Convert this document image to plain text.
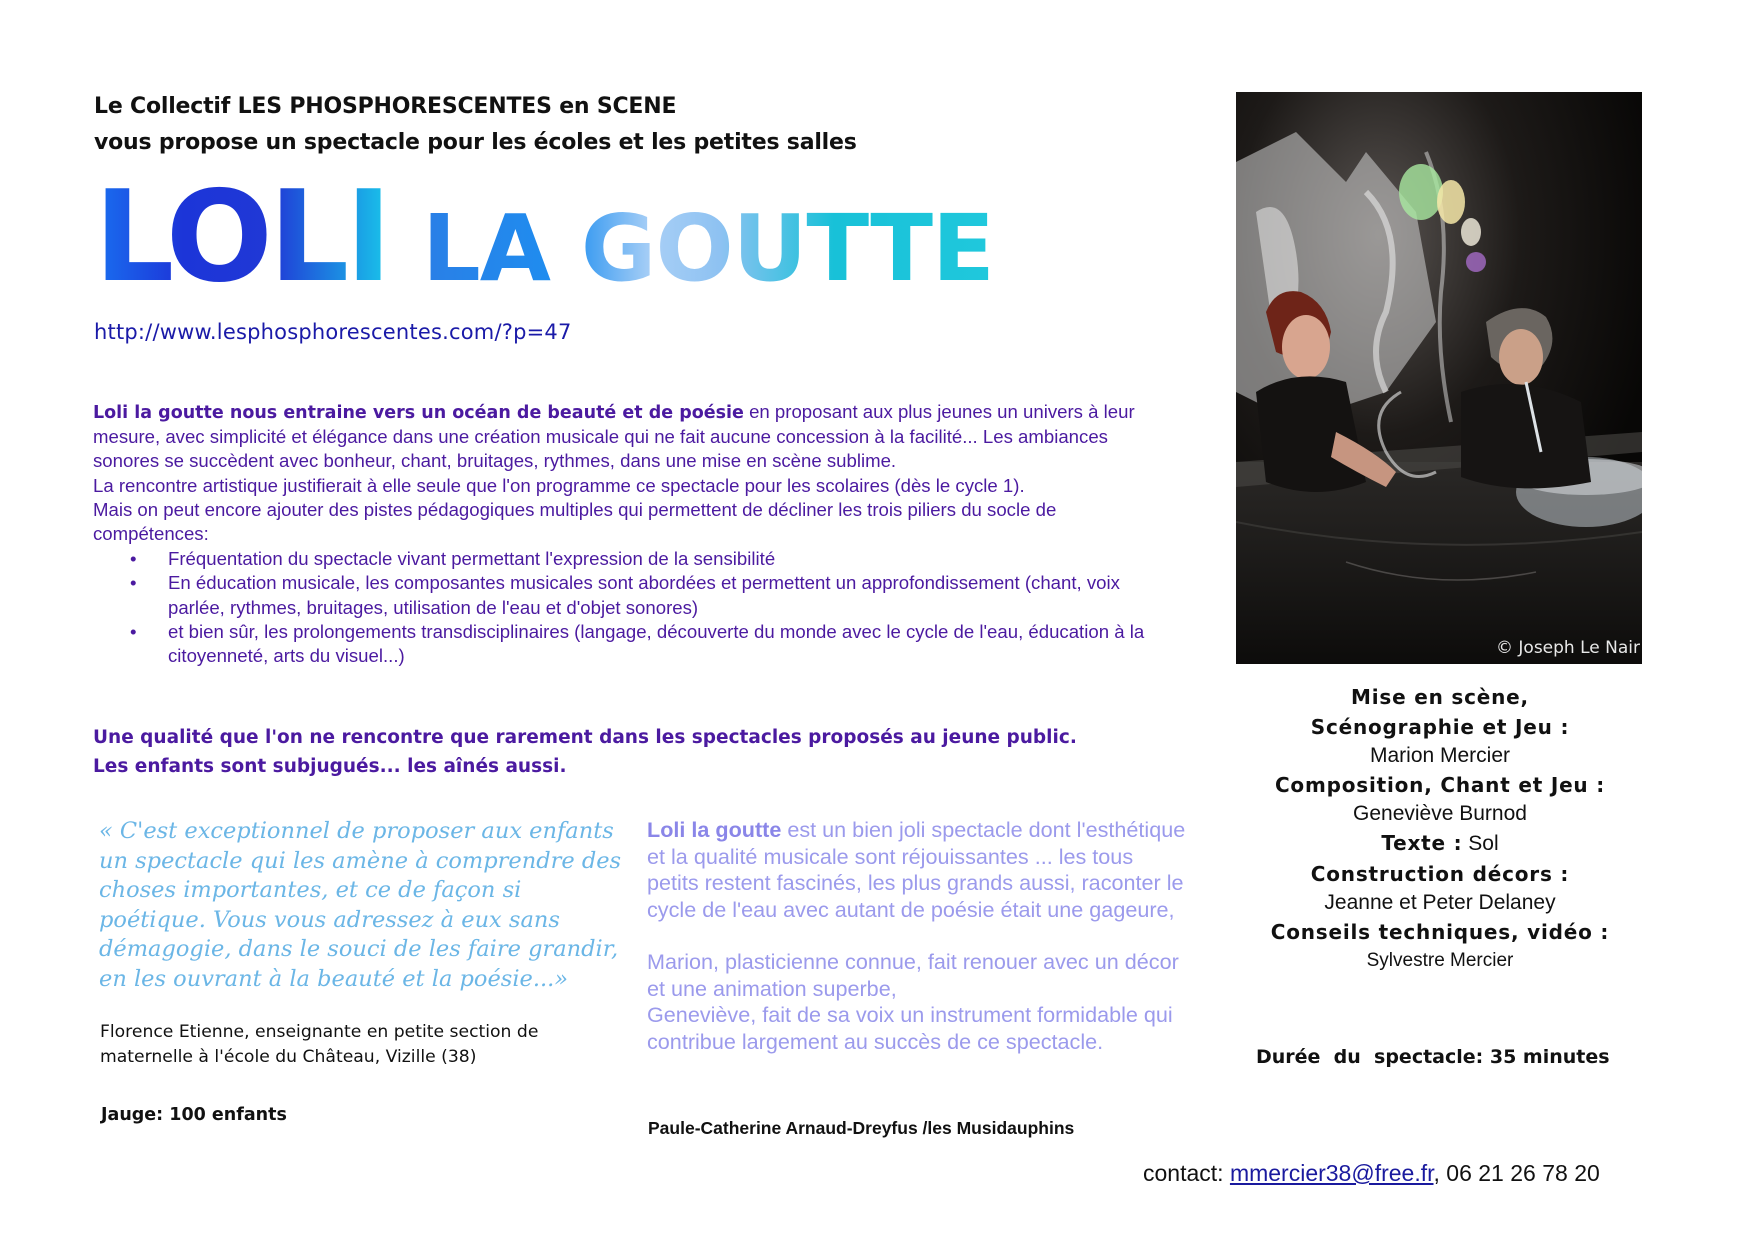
Le Collectif LES PHOSPHORESCENTES en SCENE
vous propose un spectacle pour les écoles et les petites salles
LOLI LA GOUTTE
http://www.lesphosphorescentes.com/?p=47

Loli la goutte nous entraine vers un océan de beauté et de poésie en proposant aux plus jeunes un univers à leur mesure, avec simplicité et élégance dans une création musicale qui ne fait aucune concession à la facilité... Les ambiances sonores se succèdent avec bonheur, chant, bruitages, rythmes, dans une mise en scène sublime.

La rencontre artistique justifierait à elle seule que l'on programme ce spectacle pour les scolaires (dès le cycle 1).

Mais on peut encore ajouter des pistes pédagogiques multiples qui permettent de décliner les trois piliers du socle de compétences:

• Fréquentation du spectacle vivant permettant l'expression de la sensibilité
• En éducation musicale, les composantes musicales sont abordées et permettent un approfondissement (chant, voix parlée, rythmes, bruitages, utilisation de l'eau et d'objet sonores)
• et bien sûr, les prolongements transdisciplinaires (langage, découverte du monde avec le cycle de l'eau, éducation à la citoyenneté, arts du visuel...)
Une qualité que l'on ne rencontre que rarement dans les spectacles proposés au jeune public. Les enfants sont subjugués... les aînés aussi.
« C'est exceptionnel de proposer aux enfants un spectacle qui les amène à comprendre des choses importantes, et ce de façon si poétique. Vous vous adressez à eux sans démagogie, dans le souci de les faire grandir, en les ouvrant à la beauté et la poésie...»
Florence Etienne, enseignante en petite section de maternelle à l'école du Château, Vizille (38)
Jauge: 100 enfants

Loli la goutte est un bien joli spectacle dont l'esthétique et la qualité musicale sont réjouissantes ... les tous petits restent fascinés, les plus grands aussi, raconter le cycle de l'eau avec autant de poésie était une gageure,

Marion, plasticienne connue, fait renouer avec un décor et une animation superbe,
Geneviève, fait de sa voix un instrument formidable qui contribue largement au succès de ce spectacle.

Paule-Catherine Arnaud-Dreyfus /les Musidauphins
© Joseph Le Nair
Mise en scène,
Scénographie et Jeu :
Marion Mercier
Composition, Chant et Jeu :
Geneviève Burnod
Texte : Sol
Construction décors :
Jeanne et Peter Delaney
Conseils techniques, vidéo :
Sylvestre Mercier
Durée  du  spectacle: 35 minutes
contact: mmercier38@free.fr, 06 21 26 78 20
